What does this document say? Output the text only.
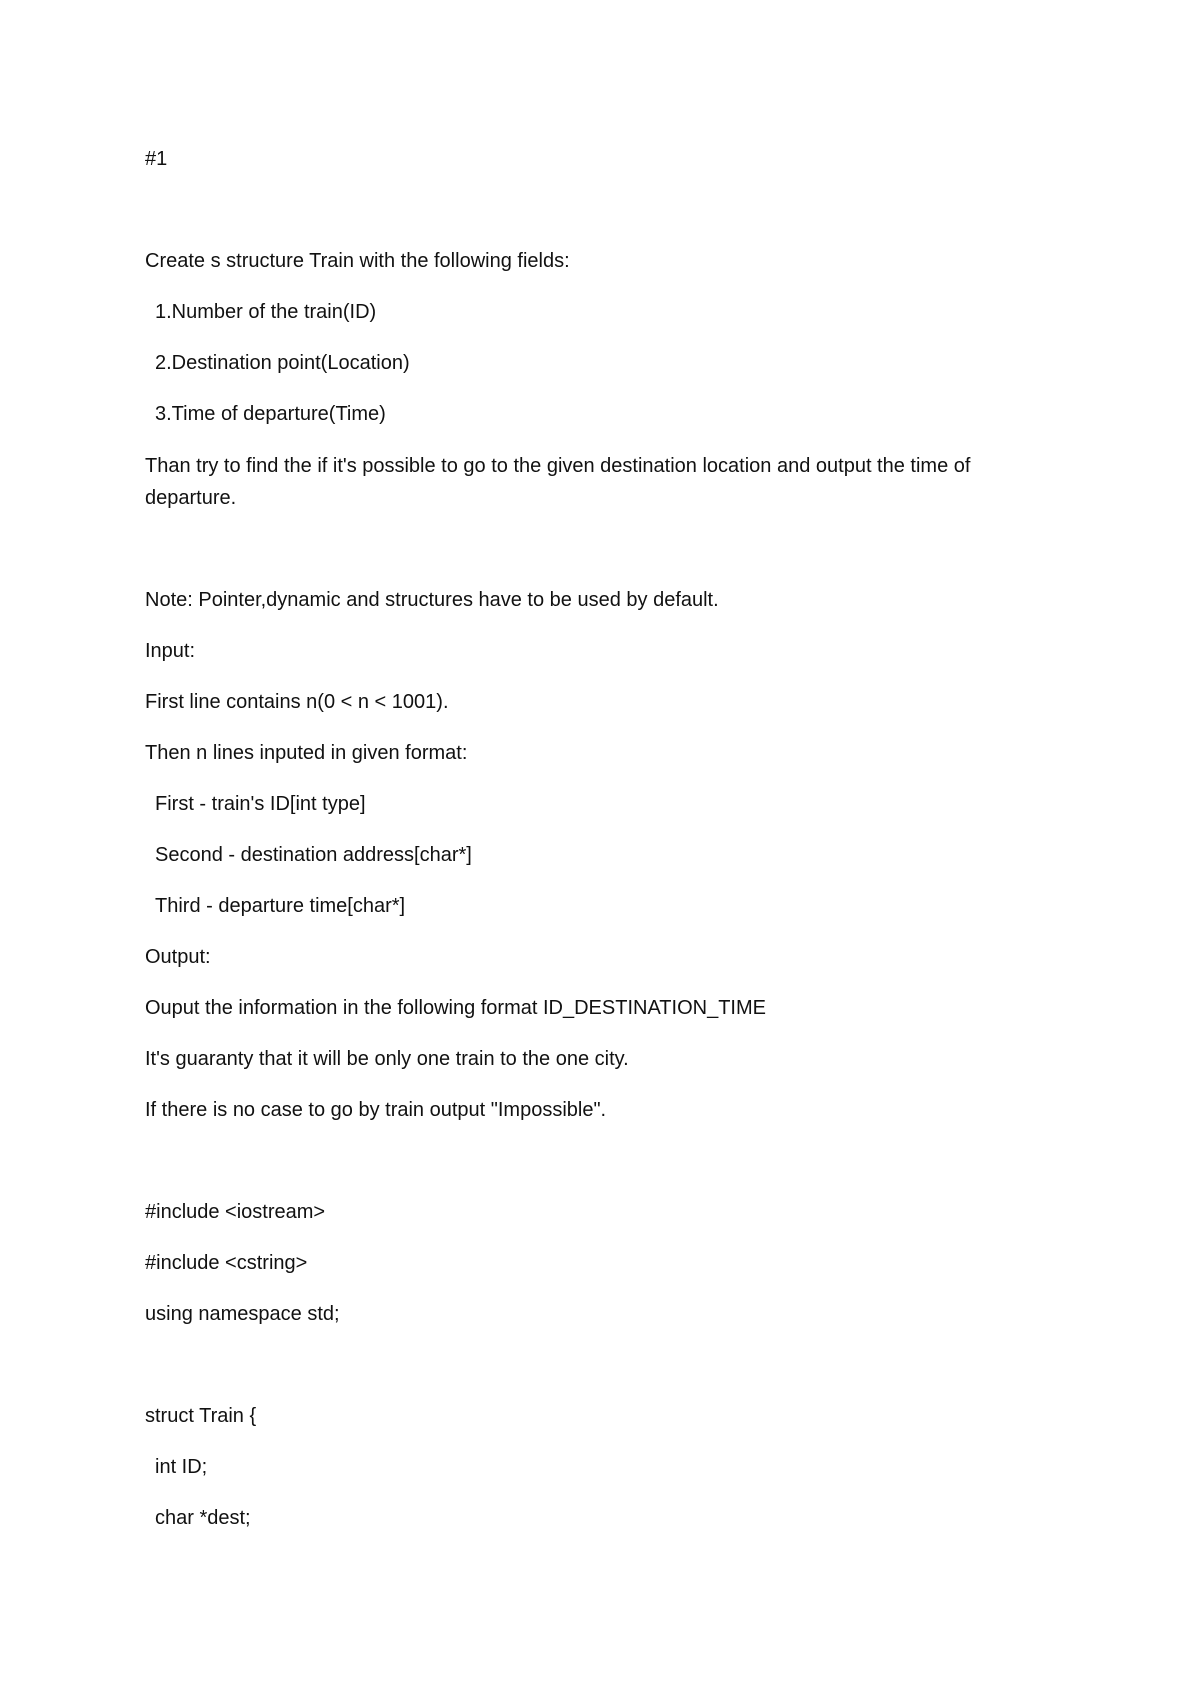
#1
Create s structure Train with the following fields:
1.Number of the train(ID)
2.Destination point(Location)
3.Time of departure(Time)
Than try to find the if it's possible to go to the given destination location and output the time of departure.
Note: Pointer,dynamic and structures have to be used by default.
Input:
First line contains n(0 < n < 1001).
Then n lines inputed in given format:
First - train's ID[int type]
Second - destination address[char*]
Third - departure time[char*]
Output:
Ouput the information in the following format ID_DESTINATION_TIME
It's guaranty that it will be only one train to the one city.
If there is no case to go by train output "Impossible".
#include <iostream>
#include <cstring>
using namespace std;
struct Train {
int ID;
char *dest;
